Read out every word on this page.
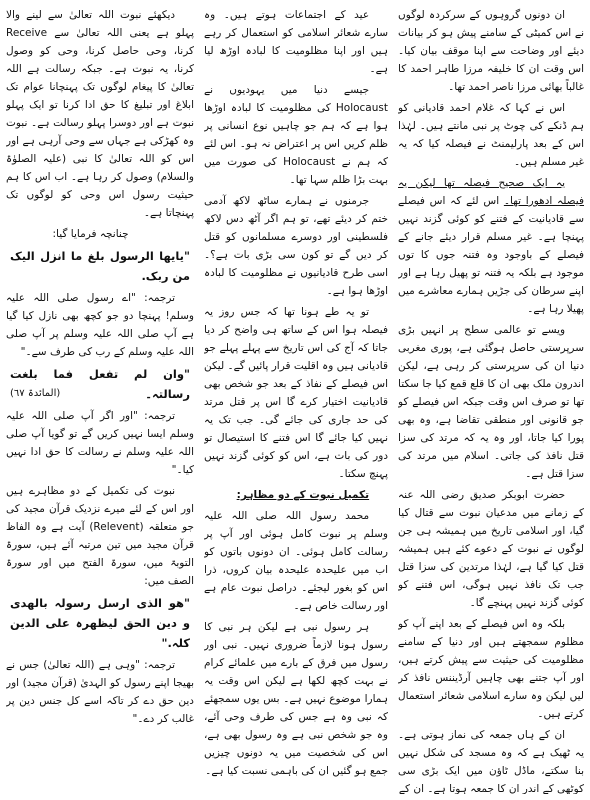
ان دونوں گروہوں کے سرکردہ لوگوں نے اس کمیٹی کے سامنے پیش ہو کر بیانات دیئے اور وضاحت سے اپنا موقف بیان کیا۔ اس وقت ان کا خلیفہ مرزا طاہر احمد کا غالباً بھائی مرزا ناصر احمد تھا۔

اس نے کہا کہ غلام احمد قادیانی کو ہم ڈنکے کی چوٹ پر نبی مانتے ہیں۔ لہٰذا اس کے بعد پارلیمنٹ نے فیصلہ کیا کہ یہ غیر مسلم ہیں۔

یہ ایک صحیح فیصلہ تھا لیکن یہ فیصلہ ادھورا تھا۔ اس لئے کہ اس فیصلے سے قادیانیت کے فتنے کو کوئی گزند نہیں پہنچا ہے۔ غیر مسلم قرار دیئے جانے کے فیصلے کے باوجود وہ فتنہ جوں کا توں موجود ہے بلکہ یہ فتنہ تو پھیل رہا ہے اور اپنے سرطان کی جڑیں ہمارے معاشرے میں پھیلا رہا ہے۔

ویسے تو عالمی سطح پر انہیں بڑی سرپرستی حاصل ہوگئی ہے، پوری مغربی دنیا ان کی سرپرستی کر رہی ہے، لیکن اندرون ملک بھی ان کا قلع قمع کیا جا سکتا تھا تو صرف اس وقت جبکہ اس فیصلے کو جو قانونی اور منطقی تقاضا ہے، وہ بھی پورا کیا جاتا، اور وہ یہ کہ مرتد کی سزا قتل نافذ کی جاتی۔ اسلام میں مرتد کی سزا قتل ہے۔

حضرت ابوبکر صدیق رضی اللہ عنہ کے زمانے میں مدعیان نبوت سے قتال کیا گیا، اور اسلامی تاریخ میں ہمیشہ ہی جن لوگوں نے نبوت کے دعوے کئے ہیں ہمیشہ قتل کیا گیا ہے، لہٰذا مرتدین کی سزا قتل جب تک نافذ نہیں ہوگی، اس فتنے کو کوئی گزند نہیں پہنچے گا۔

بلکہ وہ اس فیصلے کے بعد اپنے آپ کو مظلوم سمجھتے ہیں اور دنیا کے سامنے مظلومیت کی حیثیت سے پیش کرتے ہیں، اور آپ جتنے بھی چاہیں آرڈیننس نافذ کر لیں لیکن وہ سارے اسلامی شعائر استعمال کرتے ہیں۔

ان کے ہاں جمعہ کی نماز ہوتی ہے۔ یہ ٹھیک ہے کہ وہ مسجد کی شکل نہیں بنا سکتے، ماڈل ٹاؤن میں ایک بڑی سی کوٹھی کے اندر ان کا جمعہ ہوتا ہے۔ ان کے

عید کے اجتماعات ہوتے ہیں۔ وہ سارے شعائر اسلامی کو استعمال کر رہے ہیں اور اپنا مظلومیت کا لبادہ اوڑھ لیا ہے۔

جیسے دنیا میں یہودیوں نے Holocaust کی مظلومیت کا لبادہ اوڑھا ہوا ہے کہ ہم جو چاہیں نوع انسانی پر ظلم کریں اس پر اعتراض نہ ہو۔ اس لئے کہ ہم نے Holocaust کی صورت میں بہت بڑا ظلم سہا تھا۔

جرمنوں نے ہمارے ساٹھ لاکھ آدمی ختم کر دیئے تھے، تو ہم اگر آٹھ دس لاکھ فلسطینی اور دوسرے مسلمانوں کو قتل کر دیں گے تو کون سی بڑی بات ہے؟۔ اسی طرح قادیانیوں نے مظلومیت کا لبادہ اوڑھا ہوا ہے۔

تو یہ طے ہونا تھا کہ جس روز یہ فیصلہ ہوا اس کے ساتھ ہی واضح کر دیا جاتا کہ آج کی اس تاریخ سے پہلے پہلے جو قادیانی ہیں وہ اقلیت قرار پائیں گے۔ لیکن اس فیصلے کے نفاذ کے بعد جو شخص بھی قادیانیت اختیار کرے گا اس پر قتل مرتد کی حد جاری کی جائے گی۔ جب تک یہ نہیں کیا جائے گا اس فتنے کا استیصال تو دور کی بات ہے، اس کو کوئی گزند نہیں پہنچ سکتا۔

تکمیل نبوت کے دو مظاہر:

محمد رسول اللہ صلی اللہ علیہ وسلم پر نبوت کامل ہوئی اور آپ پر رسالت کامل ہوئی۔ ان دونوں باتوں کو اب میں علیحدہ علیحدہ بیان کروں، ذرا اس کو بغور لیجئے۔ دراصل نبوت عام ہے اور رسالت خاص ہے۔

ہر رسول نبی ہے لیکن ہر نبی کا رسول ہونا لازماً ضروری نہیں۔ نبی اور رسول میں فرق کے بارے میں علمائے کرام نے بہت کچھ لکھا ہے لیکن اس وقت یہ ہمارا موضوع نہیں ہے۔ بس یوں سمجھئے کہ نبی وہ ہے جس کی طرف وحی آئے، وہ جو شخص نبی ہے وہ رسول بھی ہے، اس کی شخصیت میں یہ دونوں چیزیں جمع ہو گئیں ان کی باہمی نسبت کیا ہے۔

دیکھئے نبوت اللہ تعالیٰ سے لینے والا پہلو ہے یعنی اللہ تعالیٰ سے Receive کرنا، وحی حاصل کرنا، وحی کو وصول کرنا، یہ نبوت ہے۔ جبکہ رسالت ہے اللہ تعالیٰ کا پیغام لوگوں تک پہنچانا عوام تک ابلاغ اور تبلیغ کا حق ادا کرنا تو ایک پہلو نبوت ہے اور دوسرا پہلو رسالت ہے۔ نبوت وہ کھڑکی ہے جہاں سے وحی آرہی ہے اور اس کو اللہ تعالیٰ کا نبی (علیہ الصلوٰۃ والسلام) وصول کر رہا ہے۔ اب اس کا ہم حیثیت رسول اس وحی کو لوگوں تک پہنچاتا ہے۔

چنانچہ فرمایا گیا:

"یایھا الرسول بلغ ما انزل الیک
من ربک.

ترجمہ: "اے رسول صلی اللہ علیہ وسلم! پہنچا دو جو کچھ بھی نازل کیا گیا ہے آپ صلی اللہ علیہ وسلم پر آپ صلی اللہ علیہ وسلم کے رب کی طرف سے۔"

"وان لم تفعل فما بلغت
رسالتہ۔
(المائدۃ ٦٧)

ترجمہ: "اور اگر آپ صلی اللہ علیہ وسلم ایسا نہیں کریں گے تو گویا آپ صلی اللہ علیہ وسلم نے رسالت کا حق ادا نہیں کیا۔"

نبوت کی تکمیل کے دو مظاہرے ہیں اور اس کے لئے میرے نزدیک قرآن مجید کی جو متعلقہ (Relevent) آیت ہے وہ الفاظ قرآن مجید میں تین مرتبہ آئے ہیں، سورۃ التوبۃ میں، سورۃ الفتح میں اور سورۃ الصف میں:

"ھو الذی ارسل رسولہ بالھدی
و دین الحق لیظھرہ علی الدین کلہ."

ترجمہ: "وہی ہے (اللہ تعالیٰ) جس نے بھیجا اپنے رسول کو الہدیٰ (قرآن مجید) اور دین حق دے کر تاکہ اسے کل جنس دین پر غالب کر دے۔"
